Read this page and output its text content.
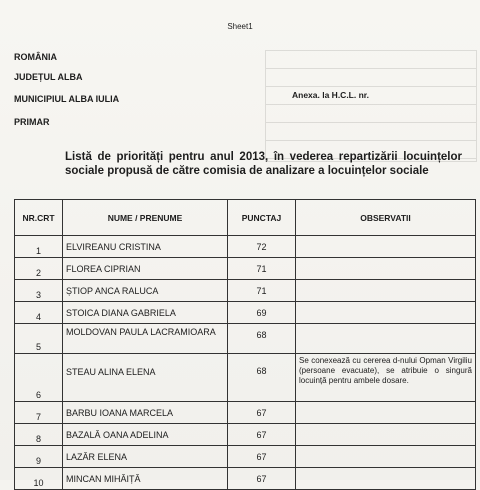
Sheet1
ROMÂNIA
JUDEȚUL ALBA
MUNICIPIUL ALBA IULIA
PRIMAR
Anexa. la H.C.L. nr.
Listă de priorități pentru anul 2013, în vederea repartizării locuințelor sociale propusă de către comisia de analizare a locuințelor sociale
NR.CRT	NUME / PRENUME	PUNCTAJ	OBSERVATII
1	ELVIREANU CRISTINA	72	
2	FLOREA CIPRIAN	71	
3	ȘTIOP ANCA RALUCA	71	
4	STOICA DIANA GABRIELA	69	
5	MOLDOVAN PAULA LACRAMIOARA	68	
6	STEAU ALINA ELENA	68	Se conexează cu cererea d-nului Opman Virgiliu (persoane evacuate), se atribuie o singură locuință pentru ambele dosare.
7	BARBU IOANA MARCELA	67	
8	BAZALĂ OANA ADELINA	67	
9	LAZĂR ELENA	67	
10	MINCAN MIHĂIȚĂ	67	
